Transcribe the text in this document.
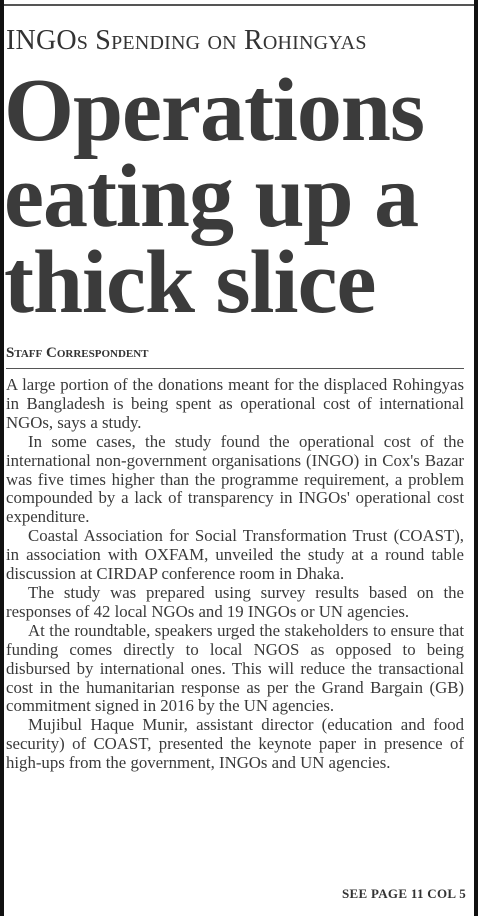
INGOs Spending on Rohingyas
Operations
eating up a
thick slice
Staff Correspondent

A large portion of the donations meant for the displaced Rohingyas in Bangladesh is being spent as operational cost of international NGOs, says a study.

In some cases, the study found the operational cost of the international non-government organisations (INGO) in Cox's Bazar was five times higher than the programme requirement, a problem compounded by a lack of transparency in INGOs' operational cost expenditure.

Coastal Association for Social Transformation Trust (COAST), in association with OXFAM, unveiled the study at a round table discussion at CIRDAP conference room in Dhaka.

The study was prepared using survey results based on the responses of 42 local NGOs and 19 INGOs or UN agencies.

At the roundtable, speakers urged the stakeholders to ensure that funding comes directly to local NGOS as opposed to being disbursed by international ones. This will reduce the transactional cost in the humanitarian response as per the Grand Bargain (GB) commitment signed in 2016 by the UN agencies.

Mujibul Haque Munir, assistant director (education and food security) of COAST, presented the keynote paper in presence of high-ups from the government, INGOs and UN agencies.

SEE PAGE 11 COL 5
